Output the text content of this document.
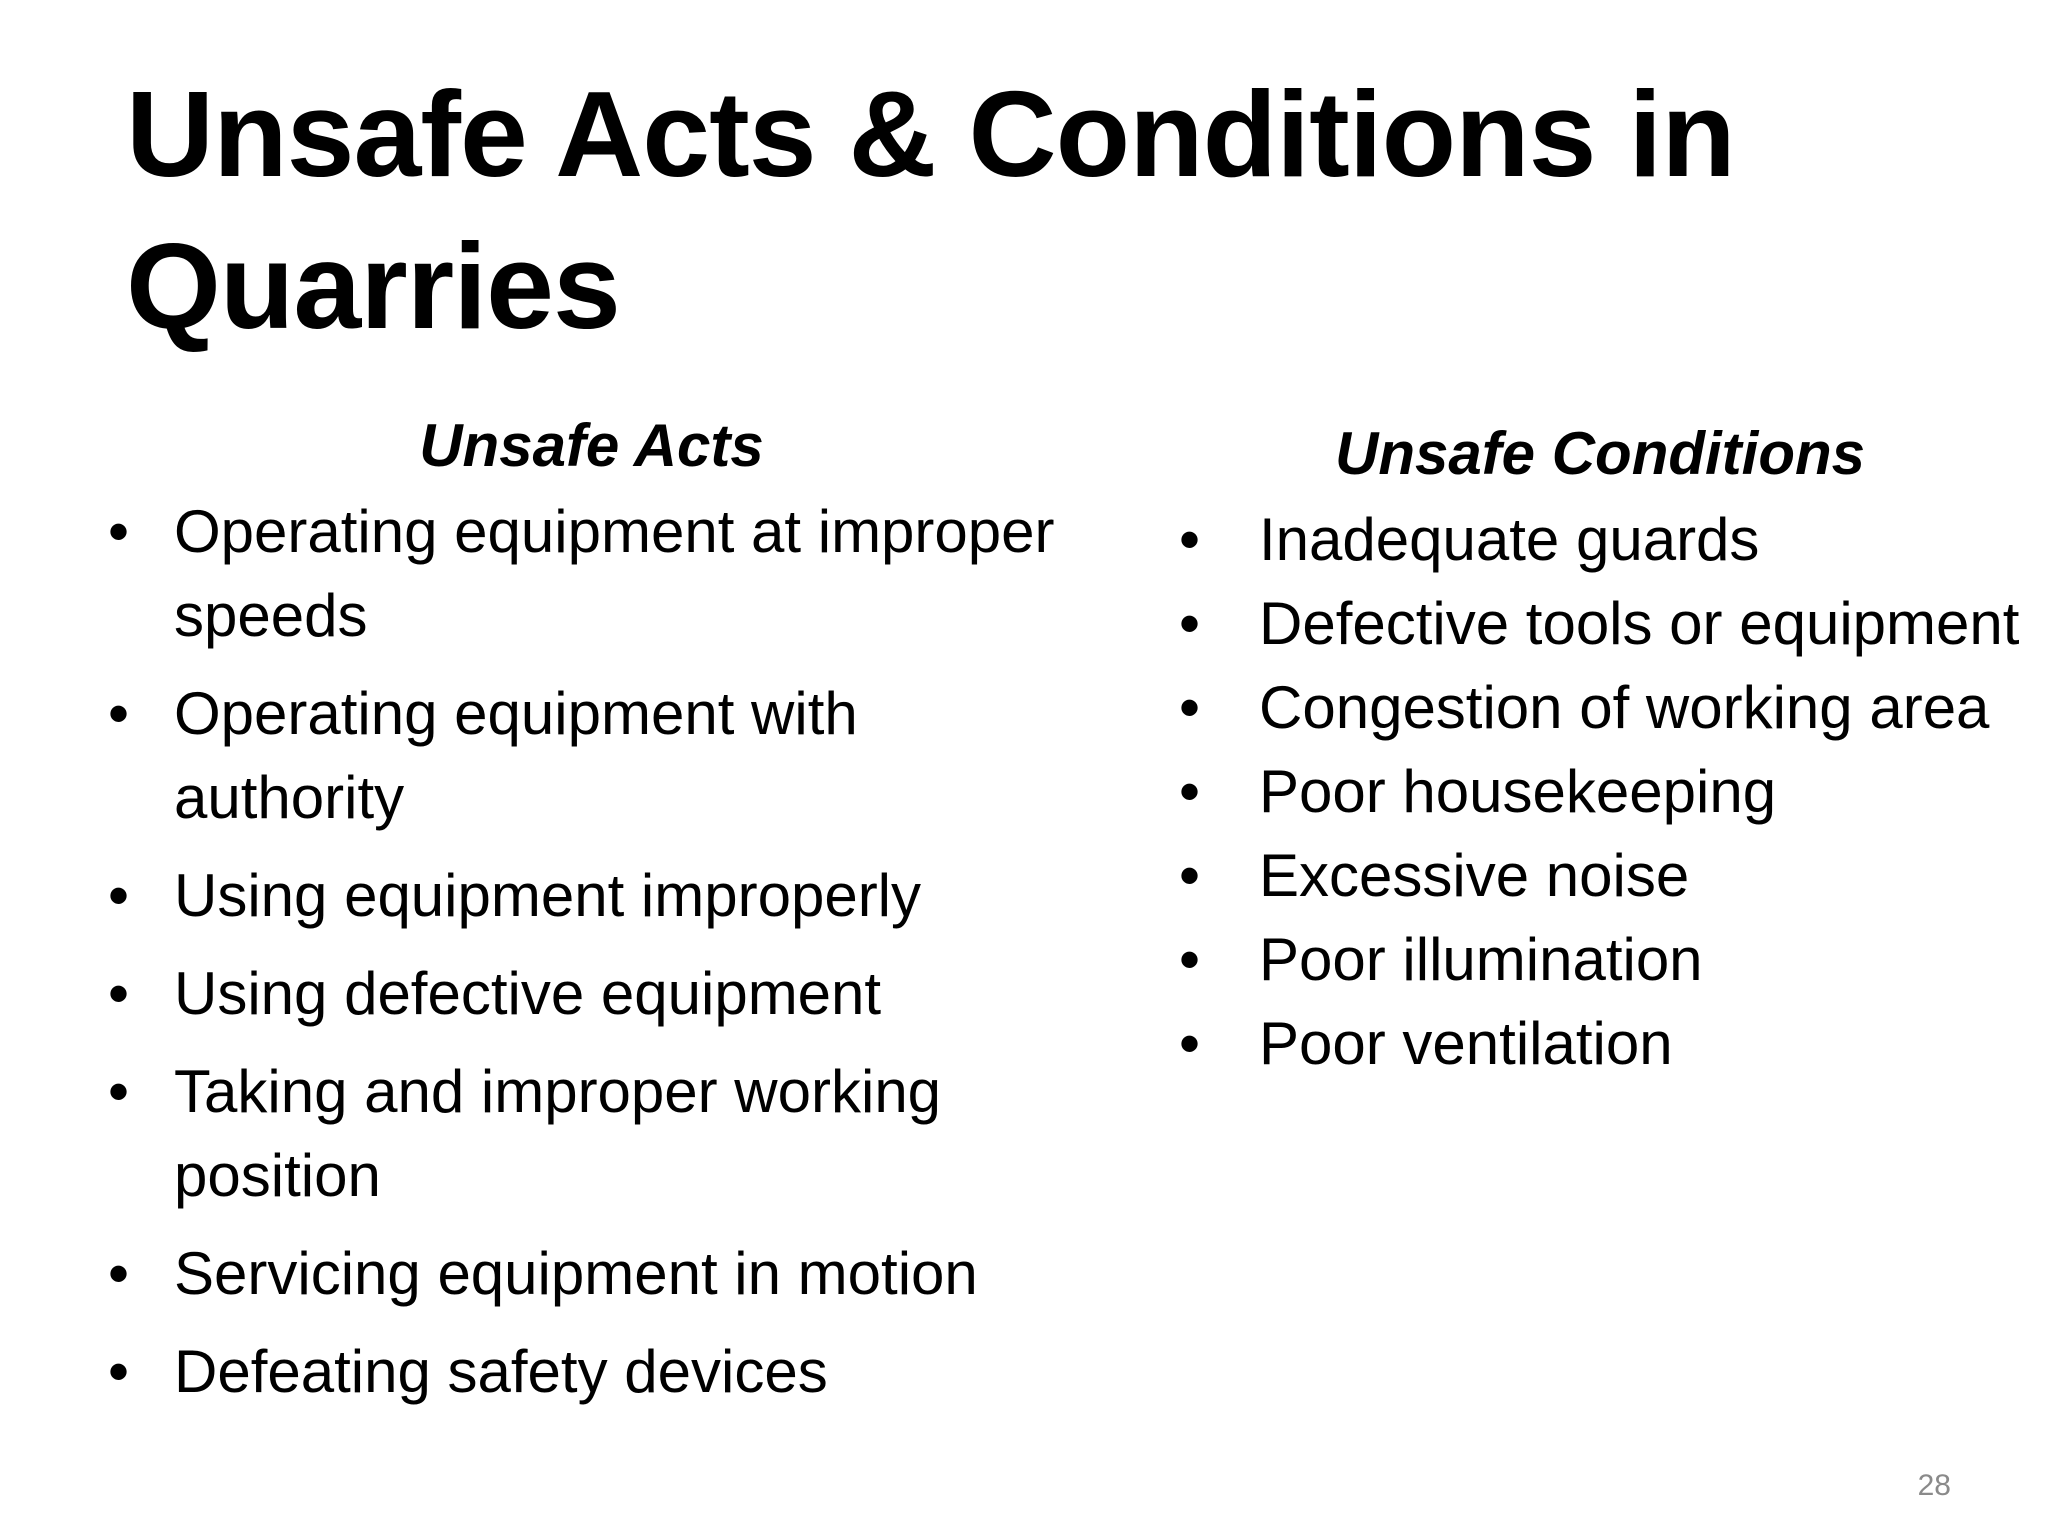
Unsafe Acts & Conditions in Quarries
Unsafe Acts
• Operating equipment at improper speeds
• Operating equipment with authority
• Using equipment improperly
• Using defective equipment
• Taking and improper working position
• Servicing equipment in motion
• Defeating safety devices
Unsafe Conditions
• Inadequate guards
• Defective tools or equipment
• Congestion of working area
• Poor housekeeping
• Excessive noise
• Poor illumination
• Poor ventilation
28
